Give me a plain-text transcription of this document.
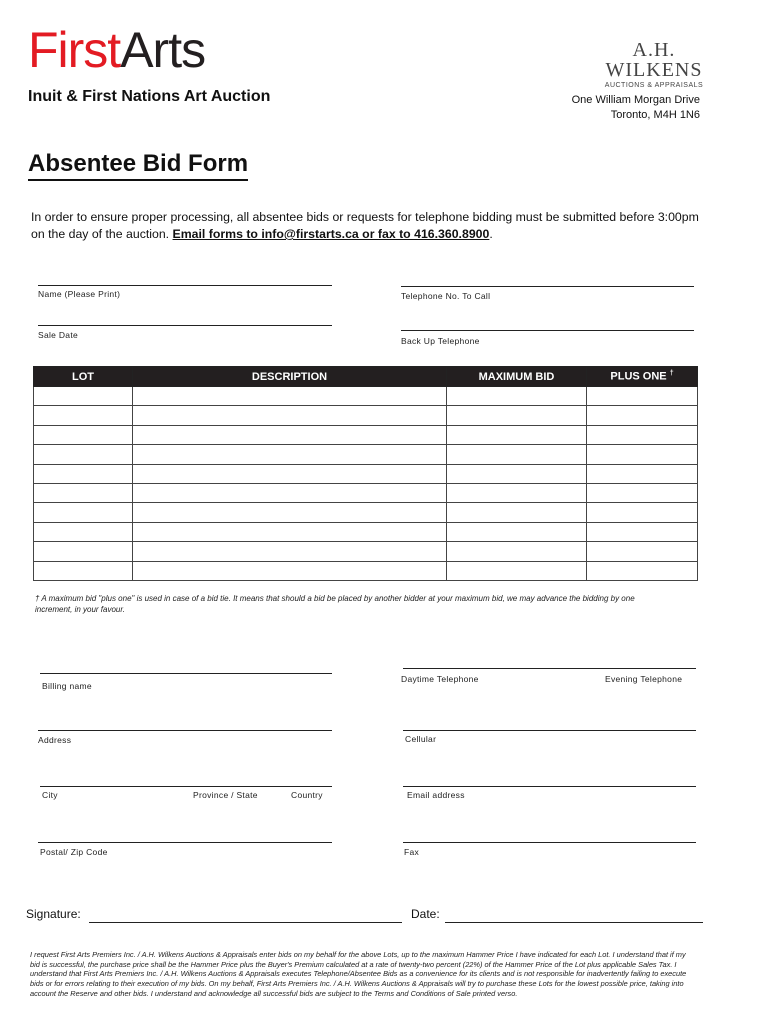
FirstArts
Inuit & First Nations Art Auction
A.H.
WILKENS
AUCTIONS & APPRAISALS
One William Morgan Drive
Toronto, M4H 1N6
Absentee Bid Form
In order to ensure proper processing, all absentee bids or requests for telephone bidding must be submitted before 3:00pm on the day of the auction. Email forms to info@firstarts.ca or fax to 416.360.8900.
Name (Please Print)	Telephone No. To Call
Sale Date
Back Up Telephone
LOT	DESCRIPTION	MAXIMUM BID	PLUS ONE †

† A maximum bid "plus one" is used in case of a bid tie. It means that should a bid be placed by another bidder at your maximum bid, we may advance the bidding by one increment, in your favour.
Billing name
Daytime Telephone	Evening Telephone
Address	Cellular
City	Province / State	Country	Email address
Postal/ Zip Code	Fax
Signature:	Date:
I request First Arts Premiers Inc. / A.H. Wilkens Auctions & Appraisals enter bids on my behalf for the above Lots, up to the maximum Hammer Price I have indicated for each Lot. I understand that if my bid is successful, the purchase price shall be the Hammer Price plus the Buyer's Premium calculated at a rate of twenty-two percent (22%) of the Hammer Price of the Lot plus applicable Sales Tax. I understand that First Arts Premiers Inc. / A.H. Wilkens Auctions & Appraisals executes Telephone/Absentee Bids as a convenience for its clients and is not responsible for inadvertently failing to execute bids or for errors relating to their execution of my bids. On my behalf, First Arts Premiers Inc. / A.H. Wilkens Auctions & Appraisals will try to purchase these Lots for the lowest possible price, taking into account the Reserve and other bids. I understand and acknowledge all successful bids are subject to the Terms and Conditions of Sale printed verso.
